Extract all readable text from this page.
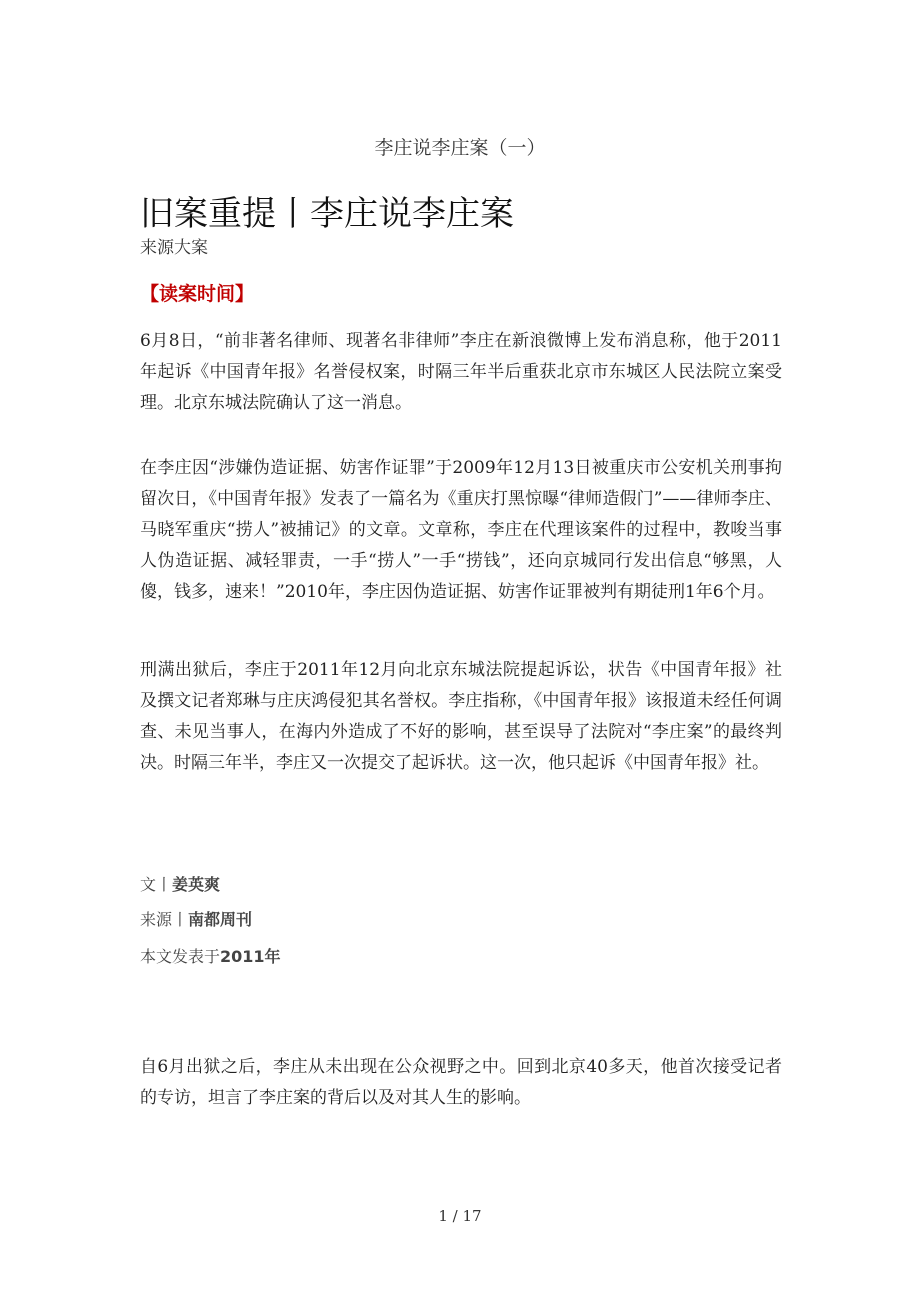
李庄说李庄案（一）
旧案重提丨李庄说李庄案
来源大案
【读案时间】
6月8日，“前非著名律师、现著名非律师”李庄在新浪微博上发布消息称，他于2011年起诉《中国青年报》名誉侵权案，时隔三年半后重获北京市东城区人民法院立案受理。北京东城法院确认了这一消息。
在李庄因“涉嫌伪造证据、妨害作证罪”于2009年12月13日被重庆市公安机关刑事拘留次日，《中国青年报》发表了一篇名为《重庆打黑惊曝“律师造假门”——律师李庄、马晓军重庆“捞人”被捕记》的文章。文章称，李庄在代理该案件的过程中，教唆当事人伪造证据、减轻罪责，一手“捞人”一手“捞钱”，还向京城同行发出信息“够黑，人傻，钱多，速来！”2010年，李庄因伪造证据、妨害作证罪被判有期徒刑1年6个月。
刑满出狱后，李庄于2011年12月向北京东城法院提起诉讼，状告《中国青年报》社及撰文记者郑琳与庄庆鸿侵犯其名誉权。李庄指称，《中国青年报》该报道未经任何调查、未见当事人，在海内外造成了不好的影响，甚至误导了法院对“李庄案”的最终判决。时隔三年半，李庄又一次提交了起诉状。这一次，他只起诉《中国青年报》社。
文丨姜英爽
来源丨南都周刊
本文发表于2011年
自6月出狱之后，李庄从未出现在公众视野之中。回到北京40多天，他首次接受记者的专访，坦言了李庄案的背后以及对其人生的影响。
1 / 17
